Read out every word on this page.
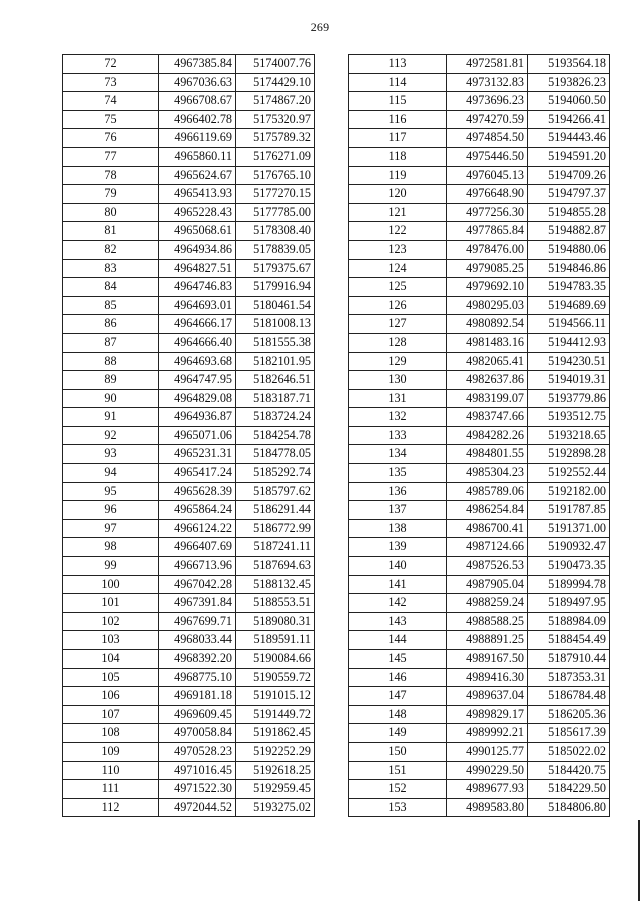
269
72	4967385.84	5174007.76
73	4967036.63	5174429.10
74	4966708.67	5174867.20
75	4966402.78	5175320.97
76	4966119.69	5175789.32
77	4965860.11	5176271.09
78	4965624.67	5176765.10
79	4965413.93	5177270.15
80	4965228.43	5177785.00
81	4965068.61	5178308.40
82	4964934.86	5178839.05
83	4964827.51	5179375.67
84	4964746.83	5179916.94
85	4964693.01	5180461.54
86	4964666.17	5181008.13
87	4964666.40	5181555.38
88	4964693.68	5182101.95
89	4964747.95	5182646.51
90	4964829.08	5183187.71
91	4964936.87	5183724.24
92	4965071.06	5184254.78
93	4965231.31	5184778.05
94	4965417.24	5185292.74
95	4965628.39	5185797.62
96	4965864.24	5186291.44
97	4966124.22	5186772.99
98	4966407.69	5187241.11
99	4966713.96	5187694.63
100	4967042.28	5188132.45
101	4967391.84	5188553.51
102	4967699.71	5189080.31
103	4968033.44	5189591.11
104	4968392.20	5190084.66
105	4968775.10	5190559.72
106	4969181.18	5191015.12
107	4969609.45	5191449.72
108	4970058.84	5191862.45
109	4970528.23	5192252.29
110	4971016.45	5192618.25
111	4971522.30	5192959.45
112	4972044.52	5193275.02
113	4972581.81	5193564.18
114	4973132.83	5193826.23
115	4973696.23	5194060.50
116	4974270.59	5194266.41
117	4974854.50	5194443.46
118	4975446.50	5194591.20
119	4976045.13	5194709.26
120	4976648.90	5194797.37
121	4977256.30	5194855.28
122	4977865.84	5194882.87
123	4978476.00	5194880.06
124	4979085.25	5194846.86
125	4979692.10	5194783.35
126	4980295.03	5194689.69
127	4980892.54	5194566.11
128	4981483.16	5194412.93
129	4982065.41	5194230.51
130	4982637.86	5194019.31
131	4983199.07	5193779.86
132	4983747.66	5193512.75
133	4984282.26	5193218.65
134	4984801.55	5192898.28
135	4985304.23	5192552.44
136	4985789.06	5192182.00
137	4986254.84	5191787.85
138	4986700.41	5191371.00
139	4987124.66	5190932.47
140	4987526.53	5190473.35
141	4987905.04	5189994.78
142	4988259.24	5189497.95
143	4988588.25	5188984.09
144	4988891.25	5188454.49
145	4989167.50	5187910.44
146	4989416.30	5187353.31
147	4989637.04	5186784.48
148	4989829.17	5186205.36
149	4989992.21	5185617.39
150	4990125.77	5185022.02
151	4990229.50	5184420.75
152	4989677.93	5184229.50
153	4989583.80	5184806.80
